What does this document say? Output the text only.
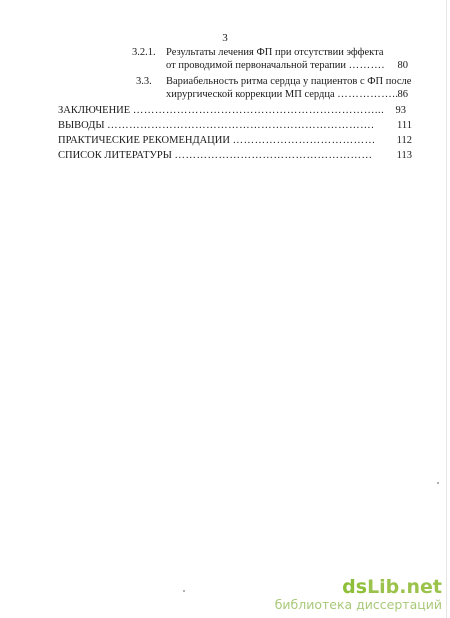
3
3.2.1. Результаты лечения ФП при отсутствии эффекта
от проводимой первоначальной терапии ………. 80
3.3. Вариабельность ритма сердца у пациентов с ФП после
хирургической коррекции МП сердца …………….. 86
ЗАКЛЮЧЕНИЕ …………………………………………………………... 93
ВЫВОДЫ ………………………………………………………………. 111
ПРАКТИЧЕСКИЕ РЕКОМЕНДАЦИИ ………………………………… 112
СПИСОК ЛИТЕРАТУРЫ ……………………………………………… 113
dsLib.net
библиотека диссертаций
